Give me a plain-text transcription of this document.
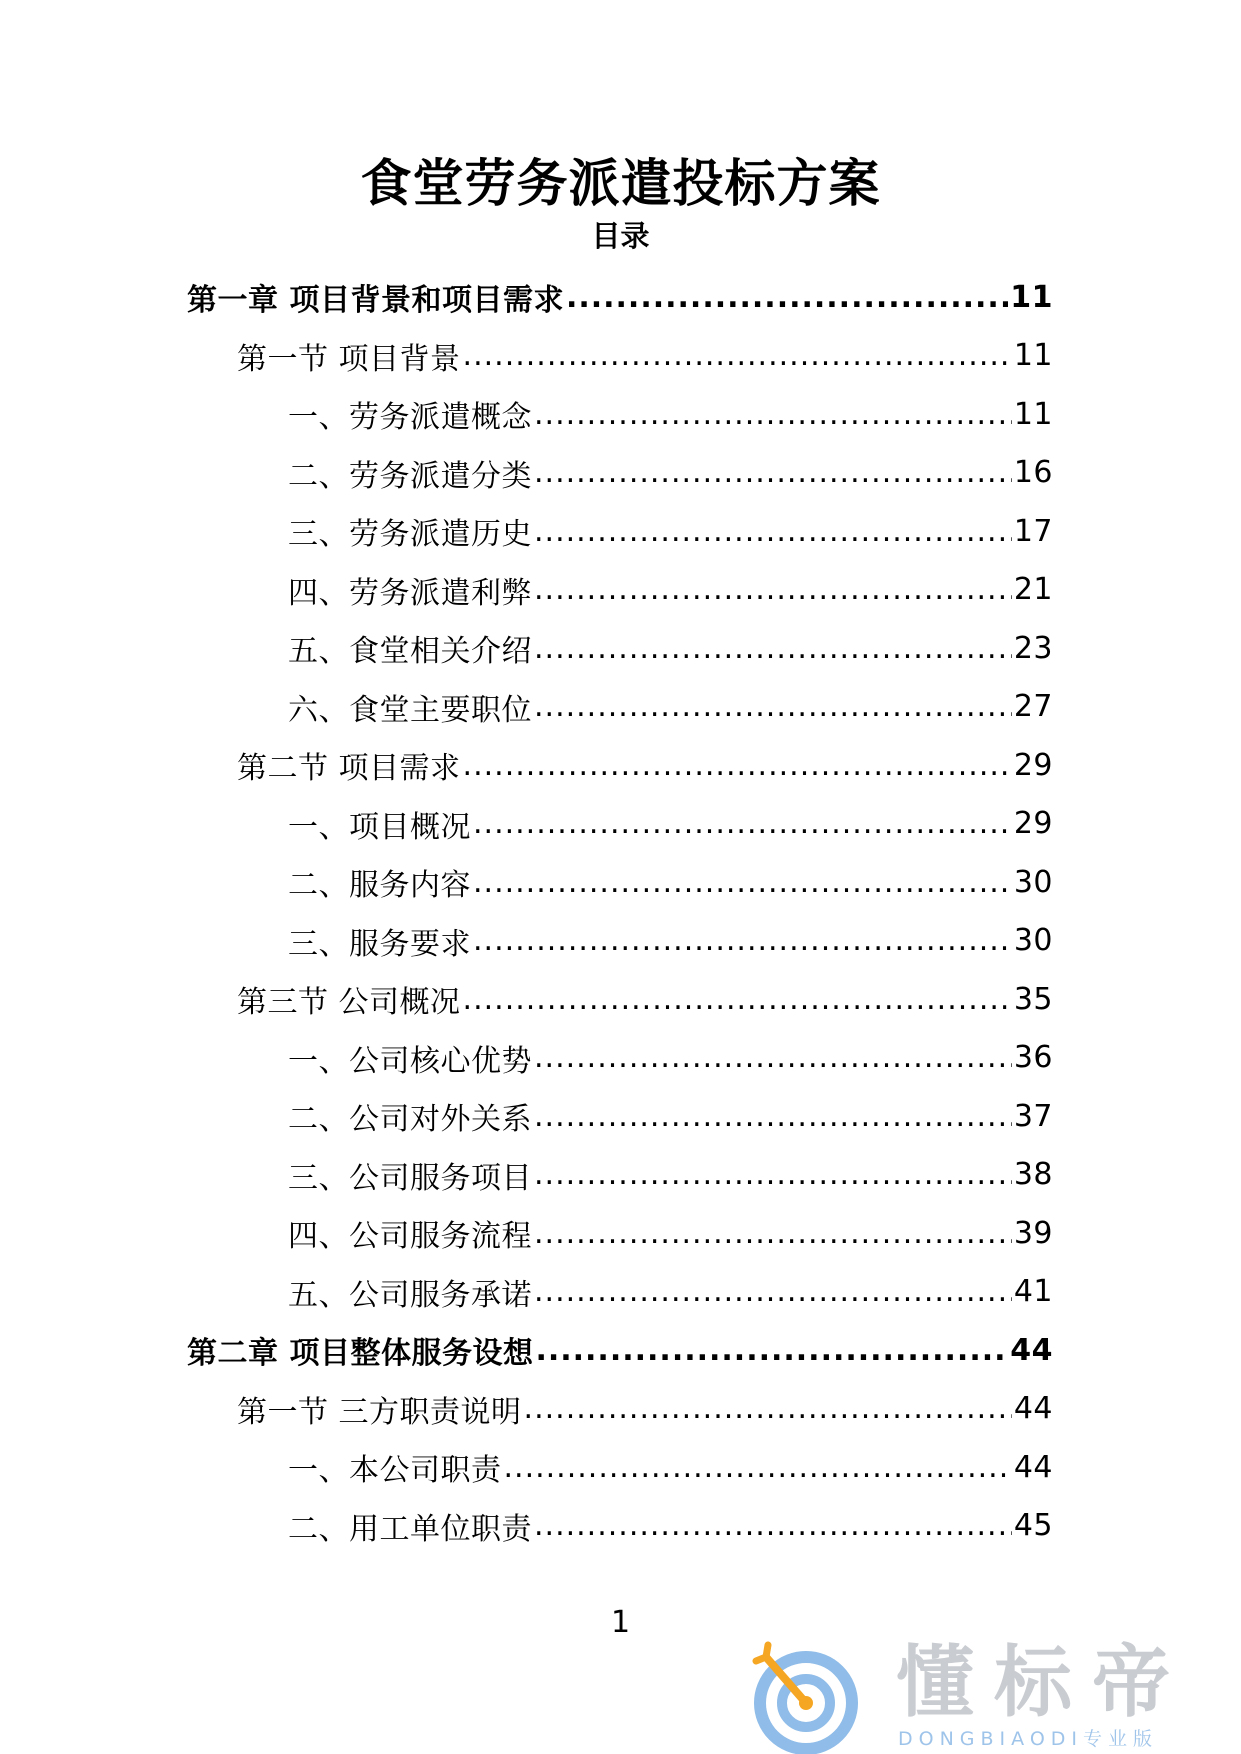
食堂劳务派遣投标方案
目录
第一章 项目背景和项目需求 .....	11
第一节 项目背景 .....	11
一、劳务派遣概念 .....	11
二、劳务派遣分类 .....	16
三、劳务派遣历史 .....	17
四、劳务派遣利弊 .....	21
五、食堂相关介绍 .....	23
六、食堂主要职位 .....	27
第二节 项目需求 .....	29
一、项目概况 .....	29
二、服务内容 .....	30
三、服务要求 .....	30
第三节 公司概况 .....	35
一、公司核心优势 .....	36
二、公司对外关系 .....	37
三、公司服务项目 .....	38
四、公司服务流程 .....	39
五、公司服务承诺 .....	41
第二章 项目整体服务设想 .....	44
第一节 三方职责说明 .....	44
一、本公司职责 .....	44
二、用工单位职责 .....	45
1
懂标帝
DONGBIAODI专业版
